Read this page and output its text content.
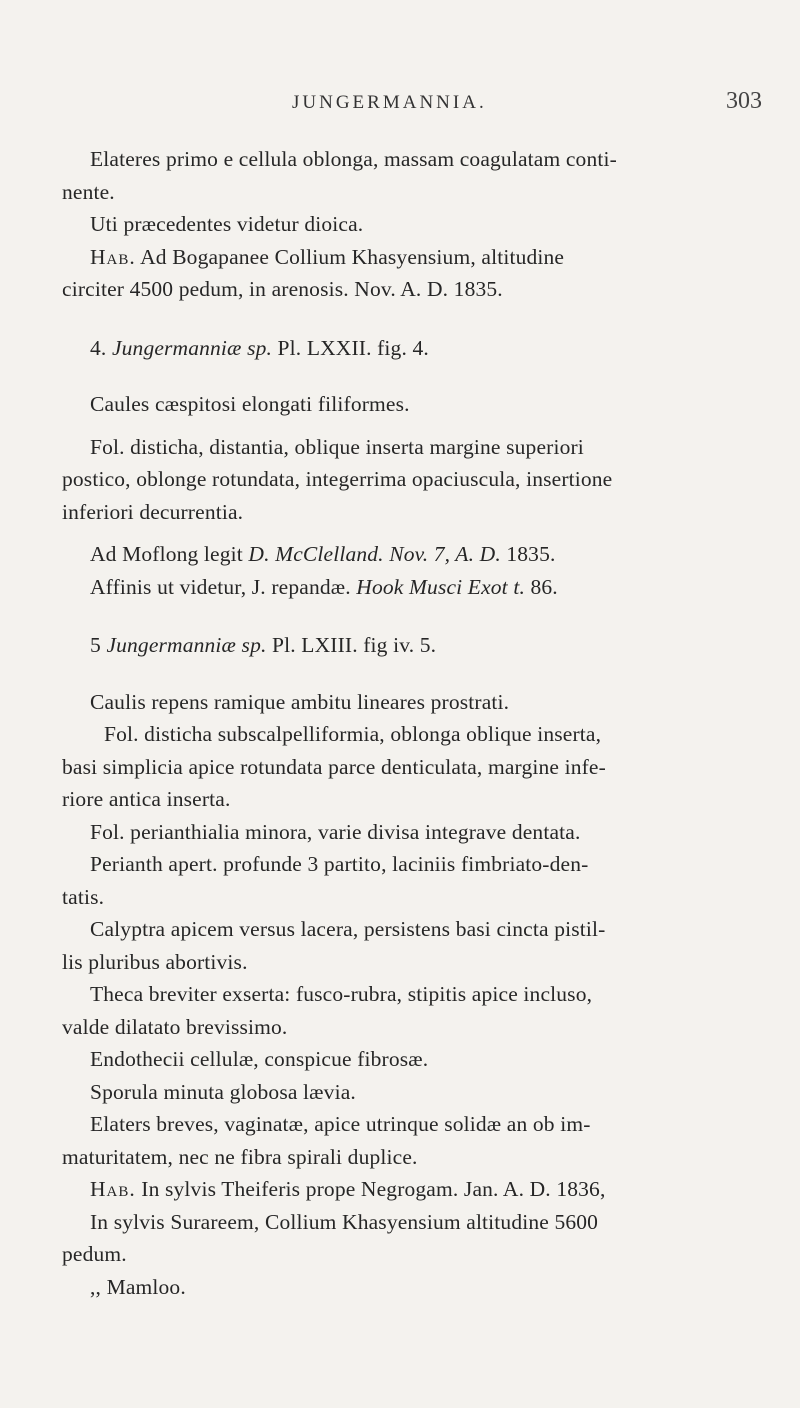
JUNGERMANNIA.	303
Elateres primo e cellula oblonga, massam coagulatam conti-
nente.
Uti præcedentes videtur dioica.
Hab. Ad Bogapanee Collium Khasyensium, altitudine
circiter 4500 pedum, in arenosis. Nov. A. D. 1835.
4. Jungermanniæ sp. Pl. LXXII. fig. 4.
Caules cæspitosi elongati filiformes.
Fol. disticha, distantia, oblique inserta margine superiori
postico, oblonge rotundata, integerrima opaciuscula, insertione
inferiori decurrentia.
Ad Moflong legit D. McClelland. Nov. 7, A. D. 1835.
Affinis ut videtur, J. repandæ. Hook Musci Exot t. 86.
5 Jungermanniæ sp. Pl. LXIII. fig iv. 5.
Caulis repens ramique ambitu lineares prostrati.
Fol. disticha subscalpelliformia, oblonga oblique inserta,
basi simplicia apice rotundata parce denticulata, margine infe-
riore antica inserta.
Fol. perianthialia minora, varie divisa integrave dentata.
Perianth apert. profunde 3 partito, laciniis fimbriato-den-
tatis.
Calyptra apicem versus lacera, persistens basi cincta pistil-
lis pluribus abortivis.
Theca breviter exserta: fusco-rubra, stipitis apice incluso,
valde dilatato brevissimo.
Endothecii cellulæ, conspicue fibrosæ.
Sporula minuta globosa lævia.
Elaters breves, vaginatæ, apice utrinque solidæ an ob im-
maturitatem, nec ne fibra spirali duplice.
Hab. In sylvis Theiferis prope Negrogam. Jan. A. D. 1836,
In sylvis Surareem, Collium Khasyensium altitudine 5600
pedum.
,, Mamloo.
